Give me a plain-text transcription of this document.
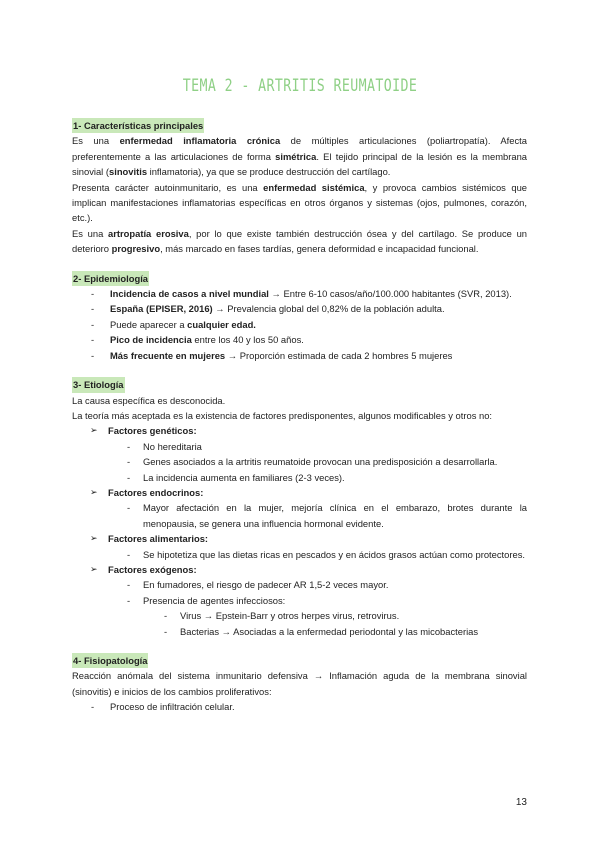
TEMA 2 - ARTRITIS REUMATOIDE
1- Características principales

Es una enfermedad inflamatoria crónica de múltiples articulaciones (poliartropatía). Afecta preferentemente a las articulaciones de forma simétrica. El tejido principal de la lesión es la membrana sinovial (sinovitis inflamatoria), ya que se produce destrucción del cartílago.

Presenta carácter autoinmunitario, es una enfermedad sistémica, y provoca cambios sistémicos que implican manifestaciones inflamatorias específicas en otros órganos y sistemas (ojos, pulmones, corazón, etc.).

Es una artropatía erosiva, por lo que existe también destrucción ósea y del cartílago. Se produce un deterioro progresivo, más marcado en fases tardías, genera deformidad e incapacidad funcional.

2- Epidemiología
- Incidencia de casos a nivel mundial → Entre 6-10 casos/año/100.000 habitantes (SVR, 2013).
- España (EPISER, 2016) → Prevalencia global del 0,82% de la población adulta.
- Puede aparecer a cualquier edad.
- Pico de incidencia entre los 40 y los 50 años.
- Más frecuente en mujeres → Proporción estimada de cada 2 hombres 5 mujeres
3- Etiología

La causa específica es desconocida.

La teoría más aceptada es la existencia de factores predisponentes, algunos modificables y otros no:

➢ Factores genéticos:
- No hereditaria
- Genes asociados a la artritis reumatoide provocan una predisposición a desarrollarla.
- La incidencia aumenta en familiares (2-3 veces).
➢ Factores endocrinos:
- Mayor afectación en la mujer, mejoría clínica en el embarazo, brotes durante la menopausia, se genera una influencia hormonal evidente.
➢ Factores alimentarios:
- Se hipotetiza que las dietas ricas en pescados y en ácidos grasos actúan como protectores.
➢ Factores exógenos:
- En fumadores, el riesgo de padecer AR 1,5-2 veces mayor.
- Presencia de agentes infecciosos:
- Virus → Epstein-Barr y otros herpes virus, retrovirus.
- Bacterias → Asociadas a la enfermedad periodontal y las micobacterias
4- Fisiopatología

Reacción anómala del sistema inmunitario defensiva → Inflamación aguda de la membrana sinovial (sinovitis) e inicios de los cambios proliferativos:

- Proceso de infiltración celular.
13
